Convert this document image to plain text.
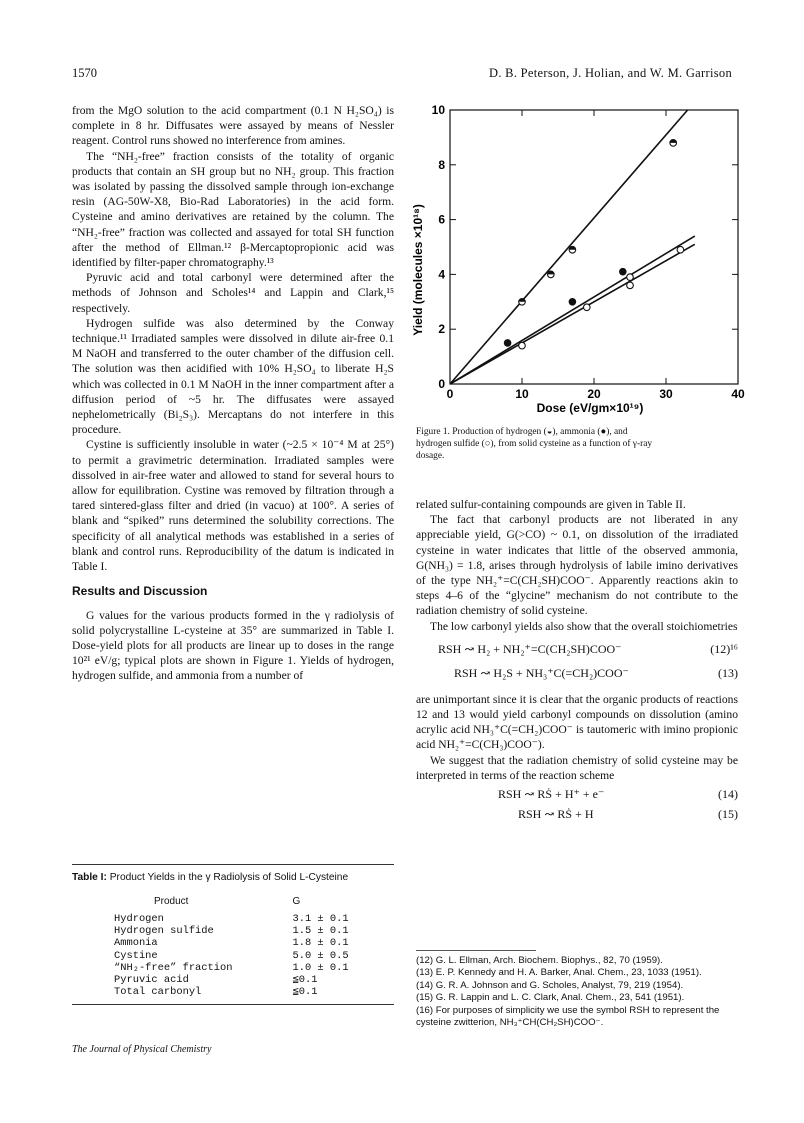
1570	D. B. Peterson, J. Holian, and W. M. Garrison

from the MgO solution to the acid compartment (0.1 N H₂SO₄) is complete in 8 hr. Diffusates were assayed by means of Nessler reagent. Control runs showed no interference from amines.

The “NH₂-free” fraction consists of the totality of organic products that contain an SH group but no NH₂ group. This fraction was isolated by passing the dissolved sample through ion-exchange resin (AG-50W-X8, Bio-Rad Laboratories) in the acid form. Cysteine and amino derivatives are retained by the column. The “NH₂-free” fraction was collected and assayed for total SH function after the method of Ellman.¹² β-Mercaptopropionic acid was identified by filter-paper chromatography.¹³

Pyruvic acid and total carbonyl were determined after the methods of Johnson and Scholes¹⁴ and Lappin and Clark,¹⁵ respectively.

Hydrogen sulfide was also determined by the Conway technique.¹¹ Irradiated samples were dissolved in dilute air-free 0.1 M NaOH and transferred to the outer chamber of the diffusion cell. The solution was then acidified with 10% H₂SO₄ to liberate H₂S which was collected in 0.1 M NaOH in the inner compartment after a diffusion period of ~5 hr. The diffusates were assayed nephelometrically (Bi₂S₃). Mercaptans do not interfere in this procedure.

Cystine is sufficiently insoluble in water (~2.5 × 10⁻⁴ M at 25°) to permit a gravimetric determination. Irradiated samples were dissolved in air-free water and allowed to stand for several hours to allow for equilibration. Cystine was removed by filtration through a tared sintered-glass filter and dried (in vacuo) at 100°. A series of blank and “spiked” runs determined the solubility corrections. The specificity of all analytical methods was established in a series of blank and control runs. Reproducibility of the datum is indicated in Table I.

Results and Discussion

G values for the various products formed in the γ radiolysis of solid polycrystalline L-cysteine at 35° are summarized in Table I. Dose-yield plots for all products are linear up to doses in the range 10²¹ eV/g; typical plots are shown in Figure 1. Yields of hydrogen, hydrogen sulfide, and ammonia from a number of

Table I: Product Yields in the γ Radiolysis of Solid L-Cysteine
Product	G
Hydrogen	3.1 ± 0.1
Hydrogen sulfide	1.5 ± 0.1
Ammonia	1.8 ± 0.1
Cystine	5.0 ± 0.5
“NH₂-free” fraction	1.0 ± 0.1
Pyruvic acid	≦0.1
Total carbonyl	≦0.1
0	10	20	30	40
0
2
4
6
8
10
Dose (eV/gm×10¹⁹)
Yield (molecules ×10¹⁸)
Figure 1. Production of hydrogen (◒), ammonia (●), and hydrogen sulfide (○), from solid cysteine as a function of γ-ray dosage.

related sulfur-containing compounds are given in Table II.

The fact that carbonyl products are not liberated in any appreciable yield, G(>CO) ~ 0.1, on dissolution of the irradiated cysteine in water indicates that little of the observed ammonia, G(NH₃) = 1.8, arises through hydrolysis of labile imino derivatives of the type NH₂⁺=C(CH₂SH)COO⁻. Apparently reactions akin to steps 4–6 of the “glycine” mechanism do not contribute to the radiation chemistry of solid cysteine.

The low carbonyl yields also show that the overall stoichiometries

RSH ↝ H₂ + NH₂⁺=C(CH₂SH)COO⁻	(12)¹⁶
RSH ↝ H₂S + NH₃⁺C(=CH₂)COO⁻	(13)

are unimportant since it is clear that the organic products of reactions 12 and 13 would yield carbonyl compounds on dissolution (amino acrylic acid NH₃⁺C(=CH₂)COO⁻ is tautomeric with imino propionic acid NH₂⁺=C(CH₃)COO⁻).

We suggest that the radiation chemistry of solid cysteine may be interpreted in terms of the reaction scheme

RSH ↝ RṠ + H⁺ + e⁻	(14)
RSH ↝ RṠ + H	(15)
(12) G. L. Ellman, Arch. Biochem. Biophys., 82, 70 (1959).
(13) E. P. Kennedy and H. A. Barker, Anal. Chem., 23, 1033 (1951).
(14) G. R. A. Johnson and G. Scholes, Analyst, 79, 219 (1954).
(15) G. R. Lappin and L. C. Clark, Anal. Chem., 23, 541 (1951).
(16) For purposes of simplicity we use the symbol RSH to represent the cysteine zwitterion, NH₃⁺CH(CH₂SH)COO⁻.
The Journal of Physical Chemistry
